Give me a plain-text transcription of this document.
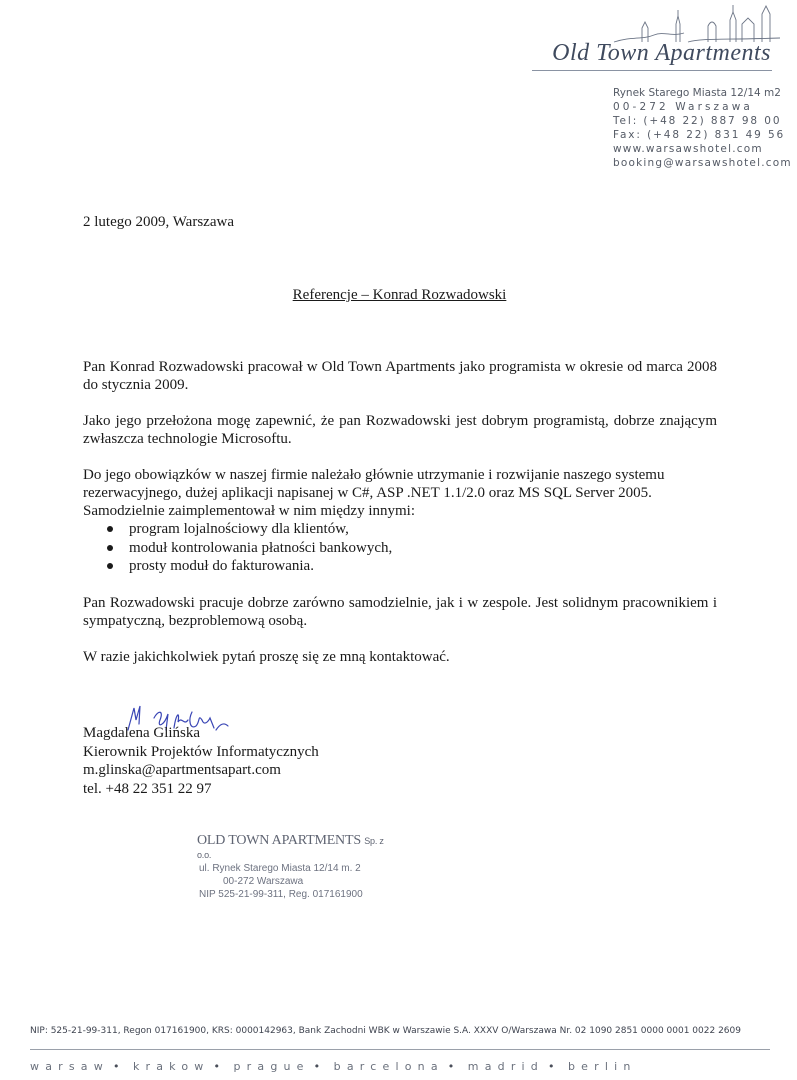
Old Town Apartments
Rynek Starego Miasta 12/14 m2
00-272 Warszawa
Tel: (+48 22) 887 98 00
Fax: (+48 22) 831 49 56
www.warsawshotel.com
booking@warsawshotel.com
2 lutego 2009, Warszawa
Referencje – Konrad Rozwadowski

Pan Konrad Rozwadowski pracował w Old Town Apartments jako programista w okresie od marca 2008 do stycznia 2009.

Jako jego przełożona mogę zapewnić, że pan Rozwadowski jest dobrym programistą, dobrze znającym zwłaszcza technologie Microsoftu.

Do jego obowiązków w naszej firmie należało głównie utrzymanie i rozwijanie naszego systemu
rezerwacyjnego, dużej aplikacji napisanej w C#, ASP .NET 1.1/2.0 oraz MS SQL Server 2005.
Samodzielnie zaimplementował w nim między innymi:
program lojalnościowy dla klientów,
moduł kontrolowania płatności bankowych,
prosty moduł do fakturowania.

Pan Rozwadowski pracuje dobrze zarówno samodzielnie, jak i w zespole. Jest solidnym pracownikiem i sympatyczną, bezproblemową osobą.

W razie jakichkolwiek pytań proszę się ze mną kontaktować.

Magdalena Glińska
Kierownik Projektów Informatycznych
m.glinska@apartmentsapart.com
tel. +48 22 351 22 97
OLD TOWN APARTMENTS Sp. z o.o.
ul. Rynek Starego Miasta 12/14 m. 2
00-272 Warszawa
NIP 525-21-99-311, Reg. 017161900
NIP: 525-21-99-311, Regon 017161900, KRS: 0000142963, Bank Zachodni WBK w Warszawie S.A. XXXV O/Warszawa Nr. 02 1090 2851 0000 0001 0022 2609
warsaw • krakow • prague • barcelona • madrid • berlin
